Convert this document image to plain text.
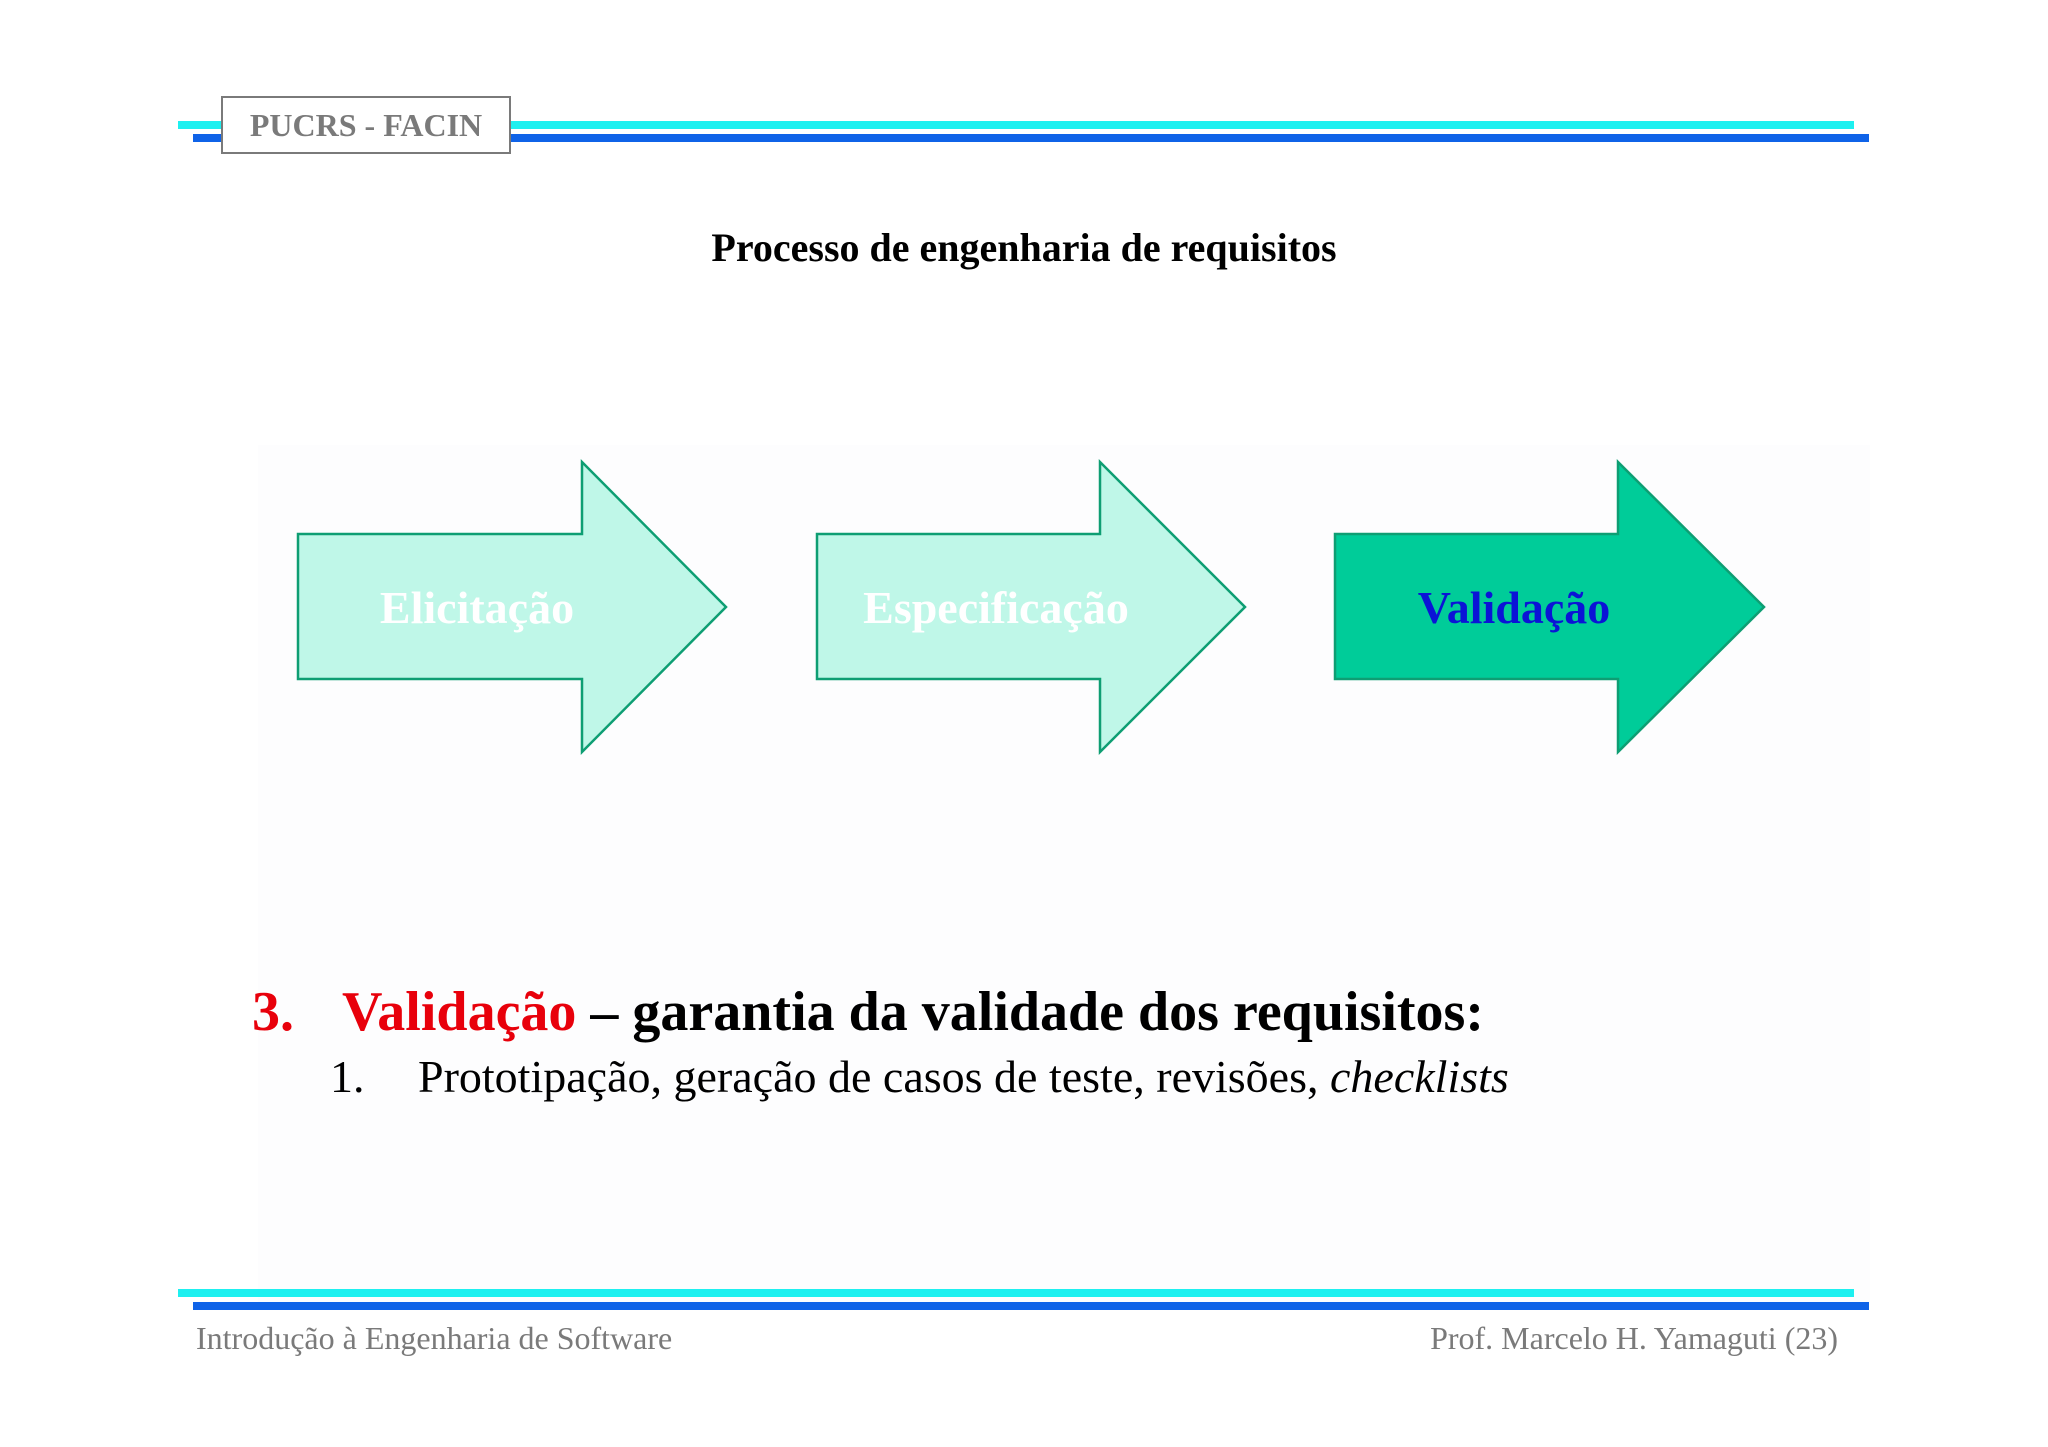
PUCRS - FACIN
Processo de engenharia de requisitos
Elicitação	Especificação	Validação
3. Validação – garantia da validade dos requisitos:
1. Prototipação, geração de casos de teste, revisões, checklists
Introdução à Engenharia de Software	Prof. Marcelo H. Yamaguti (23)
